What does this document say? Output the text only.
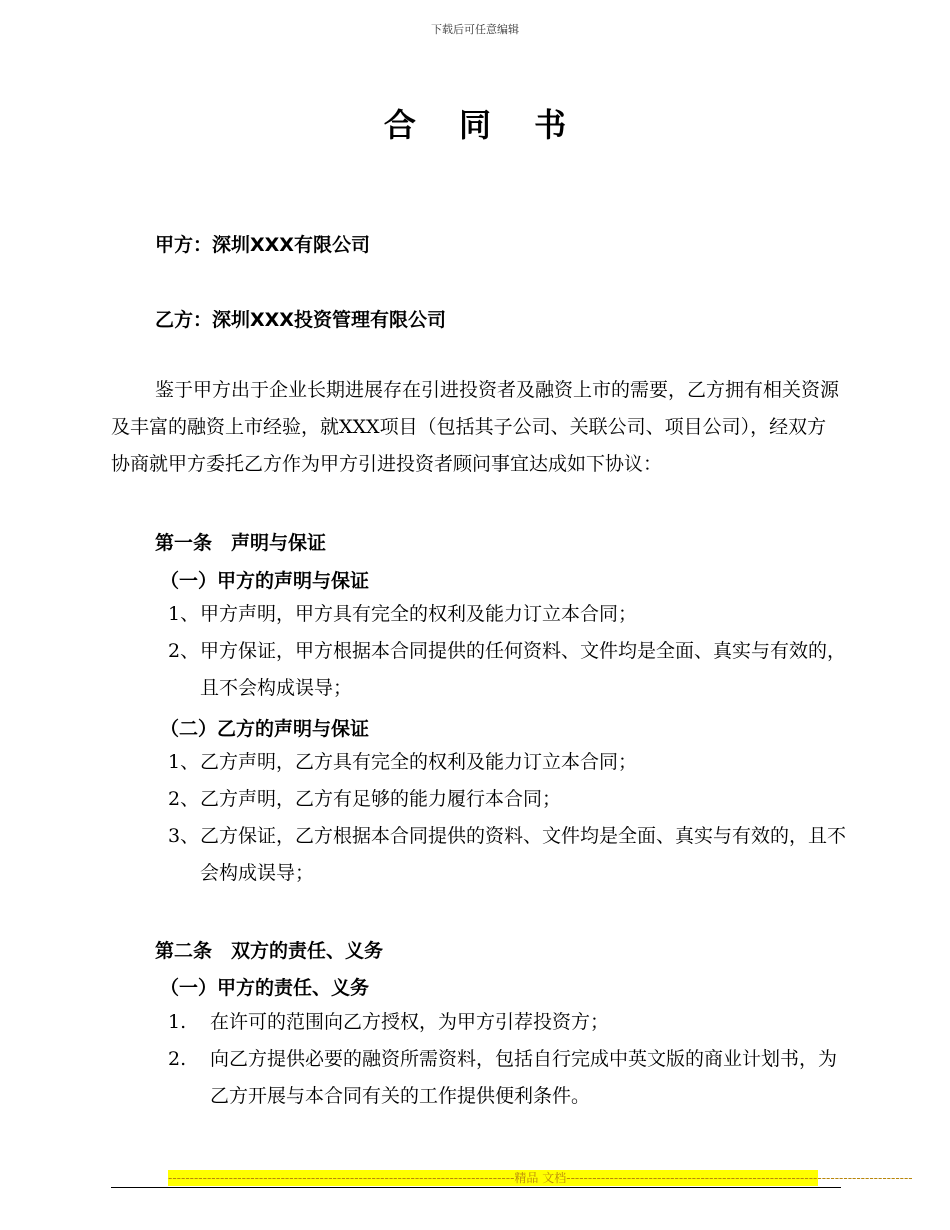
下载后可任意编辑
合 同 书
甲方：深圳XXX有限公司
乙方：深圳XXX投资管理有限公司

鉴于甲方出于企业长期进展存在引进投资者及融资上市的需要，乙方拥有相关资源及丰富的融资上市经验，就XXX项目（包括其子公司、关联公司、项目公司），经双方协商就甲方委托乙方作为甲方引进投资者顾问事宜达成如下协议：

第一条　声明与保证
（一）甲方的声明与保证
1、 甲方声明，甲方具有完全的权利及能力订立本合同；
2、 甲方保证，甲方根据本合同提供的任何资料、文件均是全面、真实与有效的，且不会构成误导；
（二）乙方的声明与保证
1、 乙方声明，乙方具有完全的权利及能力订立本合同；
2、 乙方声明，乙方有足够的能力履行本合同；
3、 乙方保证，乙方根据本合同提供的资料、文件均是全面、真实与有效的，且不会构成误导；
第二条　双方的责任、义务
（一）甲方的责任、义务
1.	在许可的范围向乙方授权，为甲方引荐投资方；
2.	向乙方提供必要的融资所需资料，包括自行完成中英文版的商业计划书，为乙方开展与本合同有关的工作提供便利条件。
--------------------------------------------------------------------------------精品 文档--------------------------------------------------------------------------------
